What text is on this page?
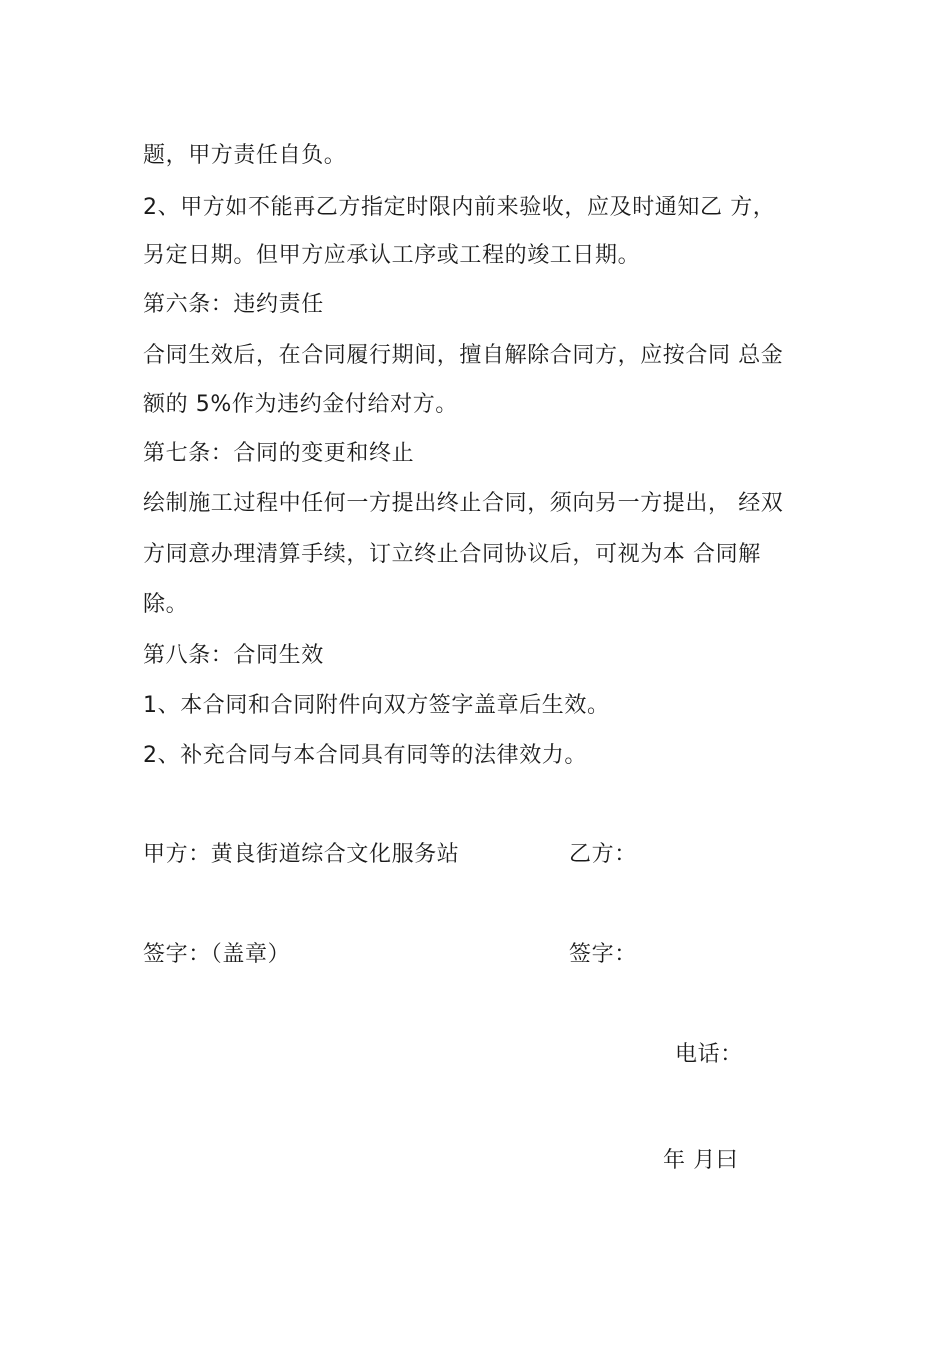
题，甲方责任自负。
2、甲方如不能再乙方指定时限内前来验收，应及时通知乙 方，
另定日期。但甲方应承认工序或工程的竣工日期。
第六条：违约责任
合同生效后，在合同履行期间，擅自解除合同方，应按合同 总金
额的 5%作为违约金付给对方。
第七条：合同的变更和终止
绘制施工过程中任何一方提出终止合同，须向另一方提出， 经双
方同意办理清算手续，订立终止合同协议后，可视为本 合同解
除。
第八条：合同生效
1、本合同和合同附件向双方签字盖章后生效。
2、补充合同与本合同具有同等的法律效力。
甲方：黄良街道综合文化服务站	乙方：
签字：（盖章）	签字：
电话：
年 月曰
